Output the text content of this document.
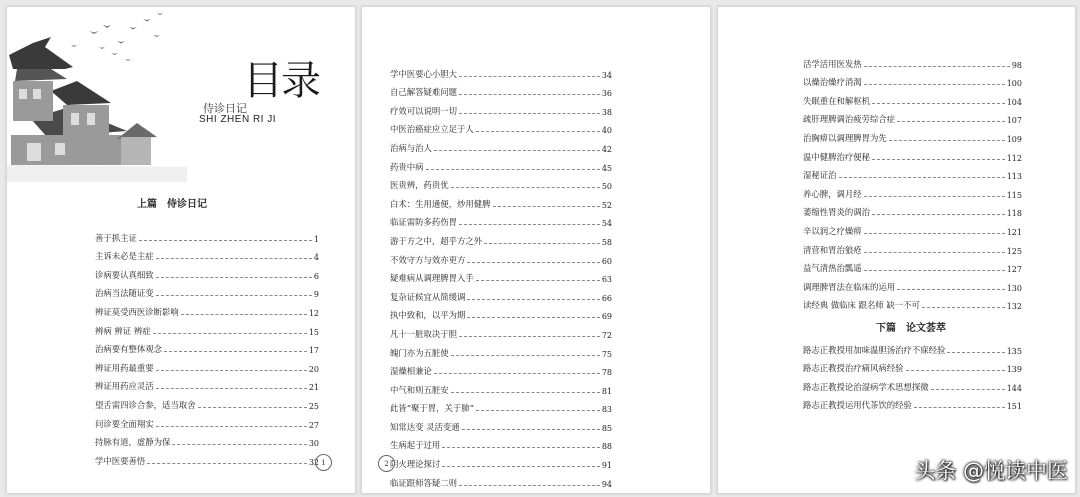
目录
侍诊日记
SHI ZHEN RI JI
上篇　侍诊日记
善于抓主证	1
主诉未必是主症	4
诊病要认真细致	6
治病当法随证变	9
辨证莫受西医诊断影响	12
辨病 辨证 辨症	15
治病要有整体观念	17
辨证用药最重要	20
辨证用药应灵活	21
望舌需四诊合参，适当取舍	25
问诊要全面翔实	27
持脉有道，虚静为保	30
学中医要善悟	32 1
学中医要心小胆大	34
自己解答疑难问题	36
疗效可以说明一切	38
中医治癌症应立足于人	40
治病与治人	42
药贵中病	45
医贵辨，药贵优	50
白术：生用通便，炒用健脾	52
临证需防多药伤胃	54
游于方之中，超乎方之外	58
不效守方与效亦更方	60
疑难病从调理脾胃入手	63
复杂证候宜从简缓调	66
执中致和，以平为期	69
凡十一脏取决于胆	72
魄门亦为五脏使	75
湿燥相兼论	78
中气和则五脏安	81
此皆“聚于胃，关于肺”	83
知常达变 灵活变通	85
生病起于过用	88
阴火理论探讨	91
临证跟师答疑二则	94
2
活学活用医发热	98
以燥治燥疗消渴	100
失眠重在和解枢机	104
疏肝理脾调治疲劳综合症	107
治胸痹以调理脾胃为先	109
温中健脾治疗便秘	112
湿秘证治	113
养心脾，调月经	115
萎缩性胃炎的调治	118
辛以润之疗燥痹	121
清营和胃治狼疮	125
益气清热治瓢遥	127
调理脾胃法在临床的运用	130
读经典 做临床 跟名师 缺一不可	132
下篇　论文荟萃
路志正教授用加味温胆汤治疗不寐经验	135
路志正教授治疗痛风病经验	139
路志正教授论治湿病学术思想探微	144
路志正教授运用代茶饮的经验	151
头条 @悦读中医
